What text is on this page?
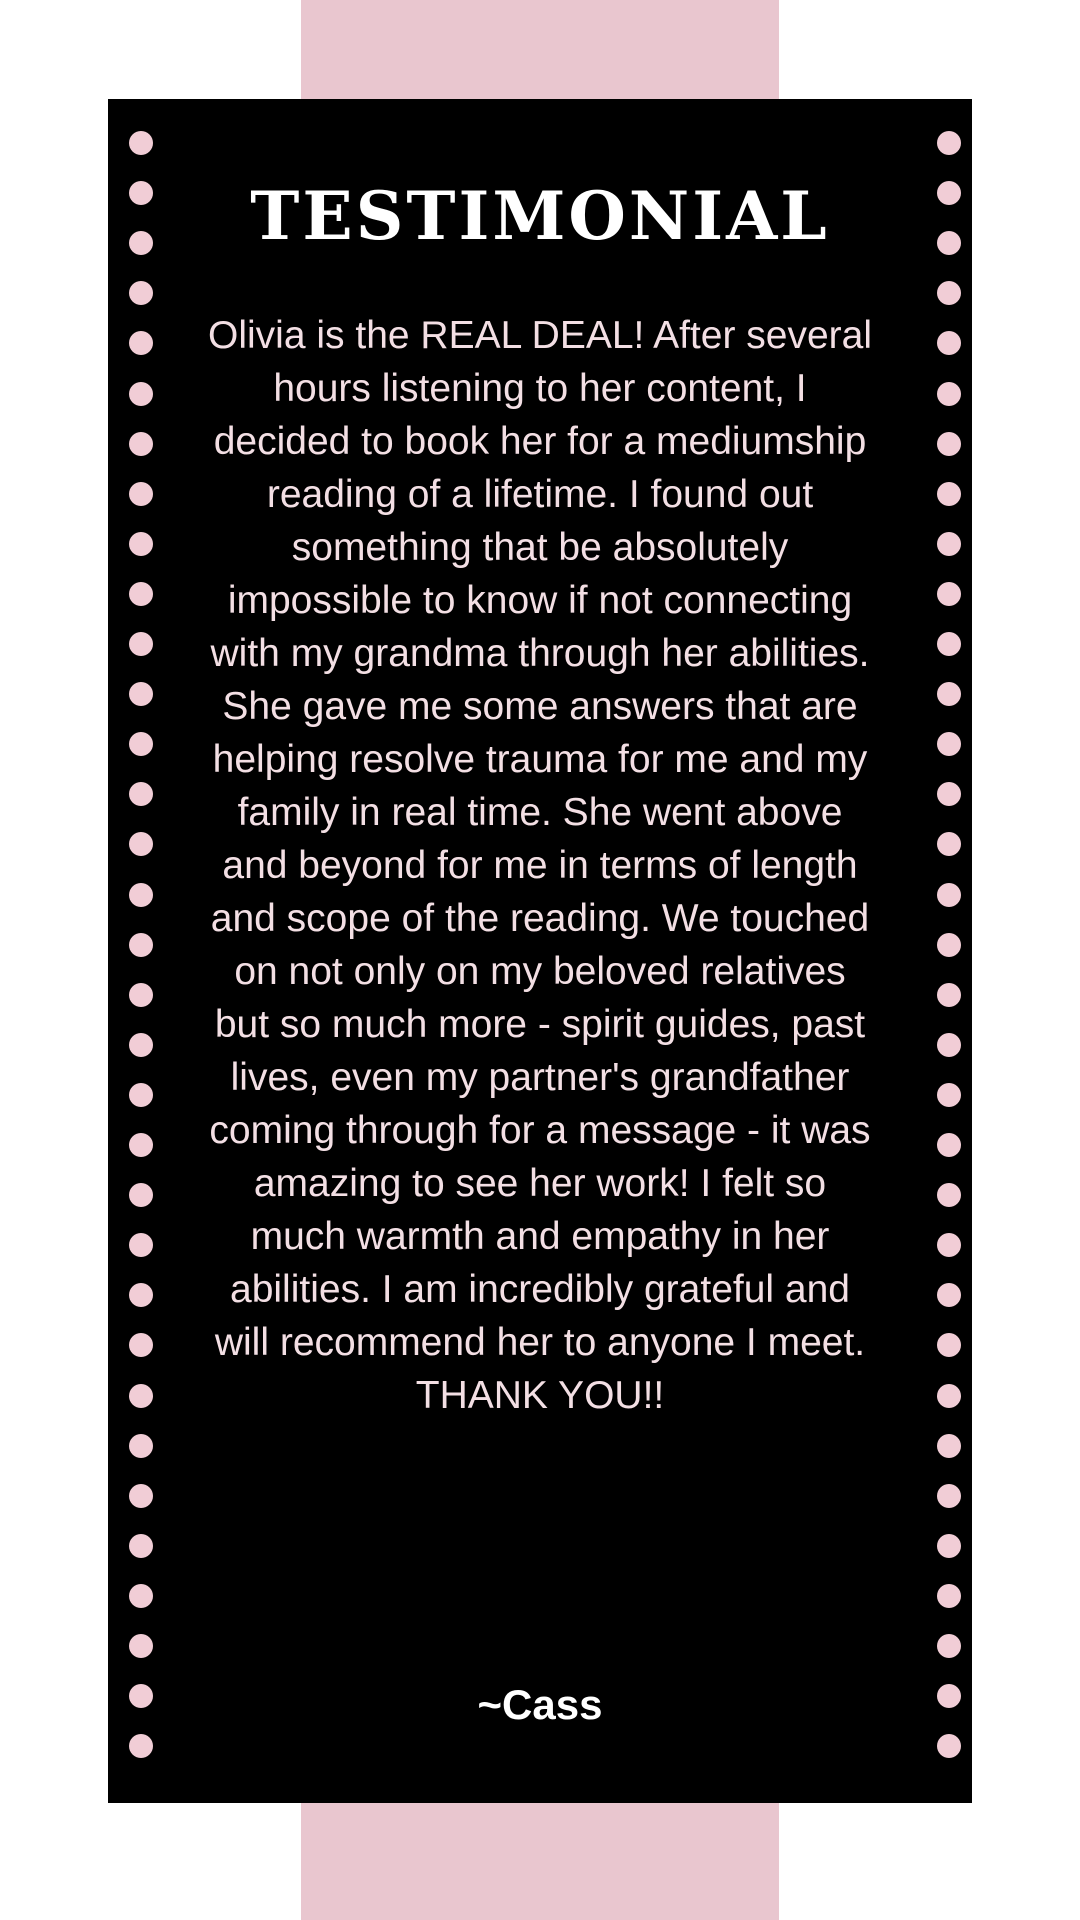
TESTIMONIAL

Olivia is the REAL DEAL! After several hours listening to her content, I decided to book her for a mediumship reading of a lifetime. I found out something that be absolutely impossible to know if not connecting with my grandma through her abilities. She gave me some answers that are helping resolve trauma for me and my family in real time. She went above and beyond for me in terms of length and scope of the reading. We touched on not only on my beloved relatives but so much more - spirit guides, past lives, even my partner's grandfather coming through for a message - it was amazing to see her work! I felt so much warmth and empathy in her abilities. I am incredibly grateful and will recommend her to anyone I meet. THANK YOU!!

~Cass
